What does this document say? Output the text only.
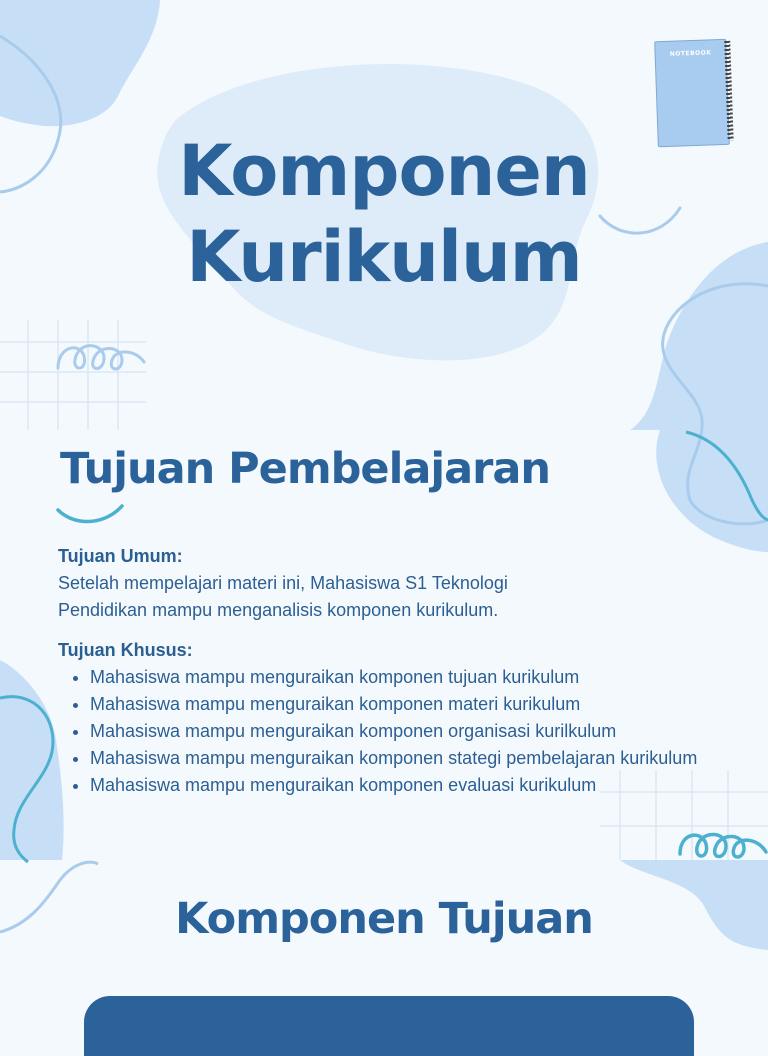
NOTEBOOK
Komponen
Kurikulum
Tujuan Pembelajaran

Tujuan Umum:

Setelah mempelajari materi ini, Mahasiswa S1 Teknologi

Pendidikan mampu menganalisis komponen kurikulum.

Tujuan Khusus:

• Mahasiswa mampu menguraikan komponen tujuan kurikulum
• Mahasiswa mampu menguraikan komponen materi kurikulum
• Mahasiswa mampu menguraikan komponen organisasi kurilkulum
• Mahasiswa mampu menguraikan komponen stategi pembelajaran kurikulum
• Mahasiswa mampu menguraikan komponen evaluasi kurikulum
Komponen Tujuan
